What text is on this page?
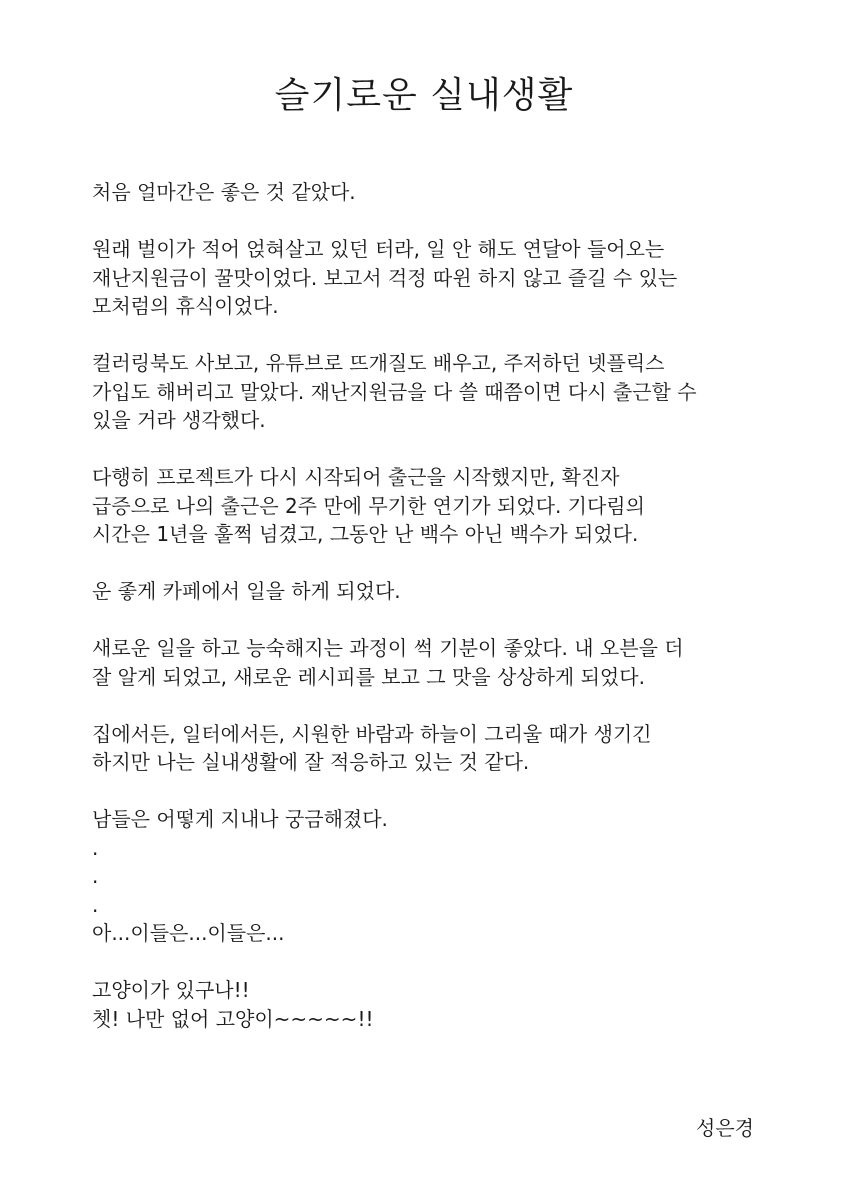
슬기로운 실내생활
처음 얼마간은 좋은 것 같았다.
원래 벌이가 적어 얹혀살고 있던 터라, 일 안 해도 연달아 들어오는
재난지원금이 꿀맛이었다. 보고서 걱정 따윈 하지 않고 즐길 수 있는
모처럼의 휴식이었다.
컬러링북도 사보고, 유튜브로 뜨개질도 배우고, 주저하던 넷플릭스
가입도 해버리고 말았다. 재난지원금을 다 쓸 때쯤이면 다시 출근할 수
있을 거라 생각했다.
다행히 프로젝트가 다시 시작되어 출근을 시작했지만, 확진자
급증으로 나의 출근은 2주 만에 무기한 연기가 되었다. 기다림의
시간은 1년을 훌쩍 넘겼고, 그동안 난 백수 아닌 백수가 되었다.
운 좋게 카페에서 일을 하게 되었다.
새로운 일을 하고 능숙해지는 과정이 썩 기분이 좋았다. 내 오븐을 더
잘 알게 되었고, 새로운 레시피를 보고 그 맛을 상상하게 되었다.
집에서든, 일터에서든, 시원한 바람과 하늘이 그리울 때가 생기긴
하지만 나는 실내생활에 잘 적응하고 있는 것 같다.
남들은 어떻게 지내나 궁금해졌다.
.
.
.
아...이들은...이들은...
고양이가 있구나!!
쳇! 나만 없어 고양이~~~~~!!
성은경
